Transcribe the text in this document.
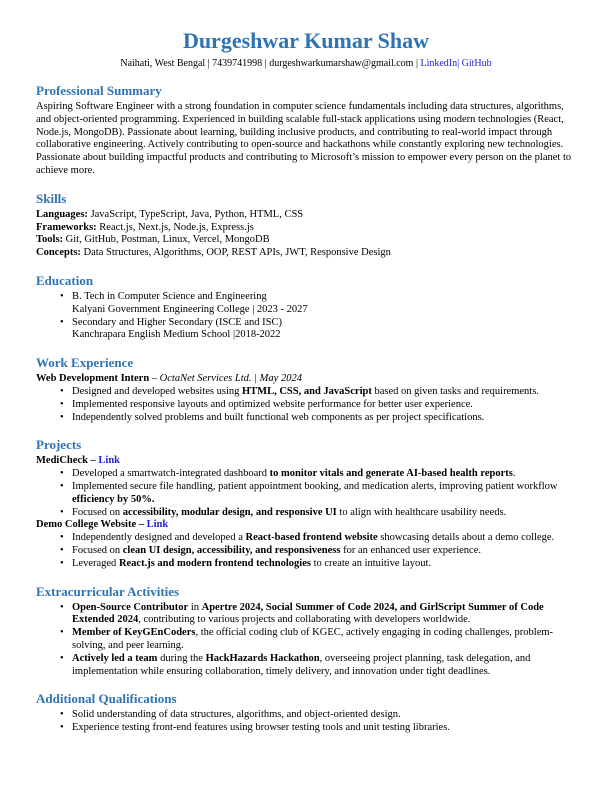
Durgeshwar Kumar Shaw
Naihati, West Bengal | 7439741998 | durgeshwarkumarshaw@gmail.com | LinkedIn| GitHub
Professional Summary
Aspiring Software Engineer with a strong foundation in computer science fundamentals including data structures, algorithms, and object-oriented programming. Experienced in building scalable full-stack applications using modern technologies (React, Node.js, MongoDB). Passionate about learning, building inclusive products, and contributing to real-world impact through collaborative engineering. Actively contributing to open-source and hackathons while constantly exploring new technologies. Passionate about building impactful products and contributing to Microsoft’s mission to empower every person on the planet to achieve more.
Skills
Languages: JavaScript, TypeScript, Java, Python, HTML, CSS
Frameworks: React.js, Next.js, Node.js, Express.js
Tools: Git, GitHub, Postman, Linux, Vercel, MongoDB
Concepts: Data Structures, Algorithms, OOP, REST APIs, JWT, Responsive Design
Education
• B. Tech in Computer Science and Engineering
Kalyani Government Engineering College | 2023 - 2027
• Secondary and Higher Secondary (ISCE and ISC)
Kanchrapara English Medium School |2018-2022
Work Experience
Web Development Intern – OctaNet Services Ltd. | May 2024
• Designed and developed websites using HTML, CSS, and JavaScript based on given tasks and requirements.
• Implemented responsive layouts and optimized website performance for better user experience.
• Independently solved problems and built functional web components as per project specifications.
Projects
MediCheck – Link
• Developed a smartwatch-integrated dashboard to monitor vitals and generate AI-based health reports.
• Implemented secure file handling, patient appointment booking, and medication alerts, improving patient workflow efficiency by 50%.
• Focused on accessibility, modular design, and responsive UI to align with healthcare usability needs.
Demo College Website – Link
• Independently designed and developed a React-based frontend website showcasing details about a demo college.
• Focused on clean UI design, accessibility, and responsiveness for an enhanced user experience.
• Leveraged React.js and modern frontend technologies to create an intuitive layout.
Extracurricular Activities
• Open-Source Contributor in Apertre 2024, Social Summer of Code 2024, and GirlScript Summer of Code Extended 2024, contributing to various projects and collaborating with developers worldwide.
• Member of KeyGEnCoders, the official coding club of KGEC, actively engaging in coding challenges, problem-solving, and peer learning.
• Actively led a team during the HackHazards Hackathon, overseeing project planning, task delegation, and implementation while ensuring collaboration, timely delivery, and innovation under tight deadlines.
Additional Qualifications
• Solid understanding of data structures, algorithms, and object-oriented design.
• Experience testing front-end features using browser testing tools and unit testing libraries.
